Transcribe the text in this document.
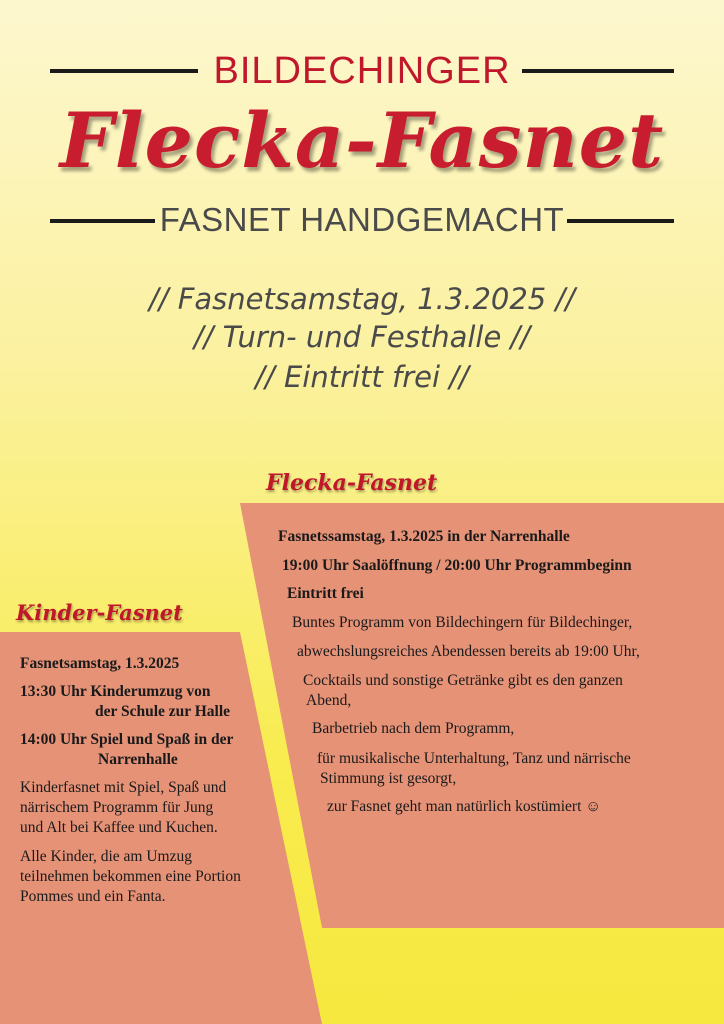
BILDECHINGER
Flecka-Fasnet
FASNET HANDGEMACHT
// Fasnetsamstag, 1.3.2025 //
// Turn- und Festhalle //
// Eintritt frei //
Flecka-Fasnet
Fasnetssamstag, 1.3.2025 in der Narrenhalle
19:00 Uhr Saalöffnung / 20:00 Uhr Programmbeginn
Eintritt frei
Buntes Programm von Bildechingern für Bildechinger,
abwechslungsreiches Abendessen bereits ab 19:00 Uhr,
Cocktails und sonstige Getränke gibt es den ganzen
Abend,
Barbetrieb nach dem Programm,
für musikalische Unterhaltung, Tanz und närrische
Stimmung ist gesorgt,
zur Fasnet geht man natürlich kostümiert ☺
Kinder-Fasnet
Fasnetsamstag, 1.3.2025
13:30 Uhr Kinderumzug von
der Schule zur Halle
14:00 Uhr Spiel und Spaß in der
Narrenhalle
Kinderfasnet mit Spiel, Spaß und
närrischem Programm für Jung
und Alt bei Kaffee und Kuchen.
Alle Kinder, die am Umzug
teilnehmen bekommen eine Portion
Pommes und ein Fanta.
